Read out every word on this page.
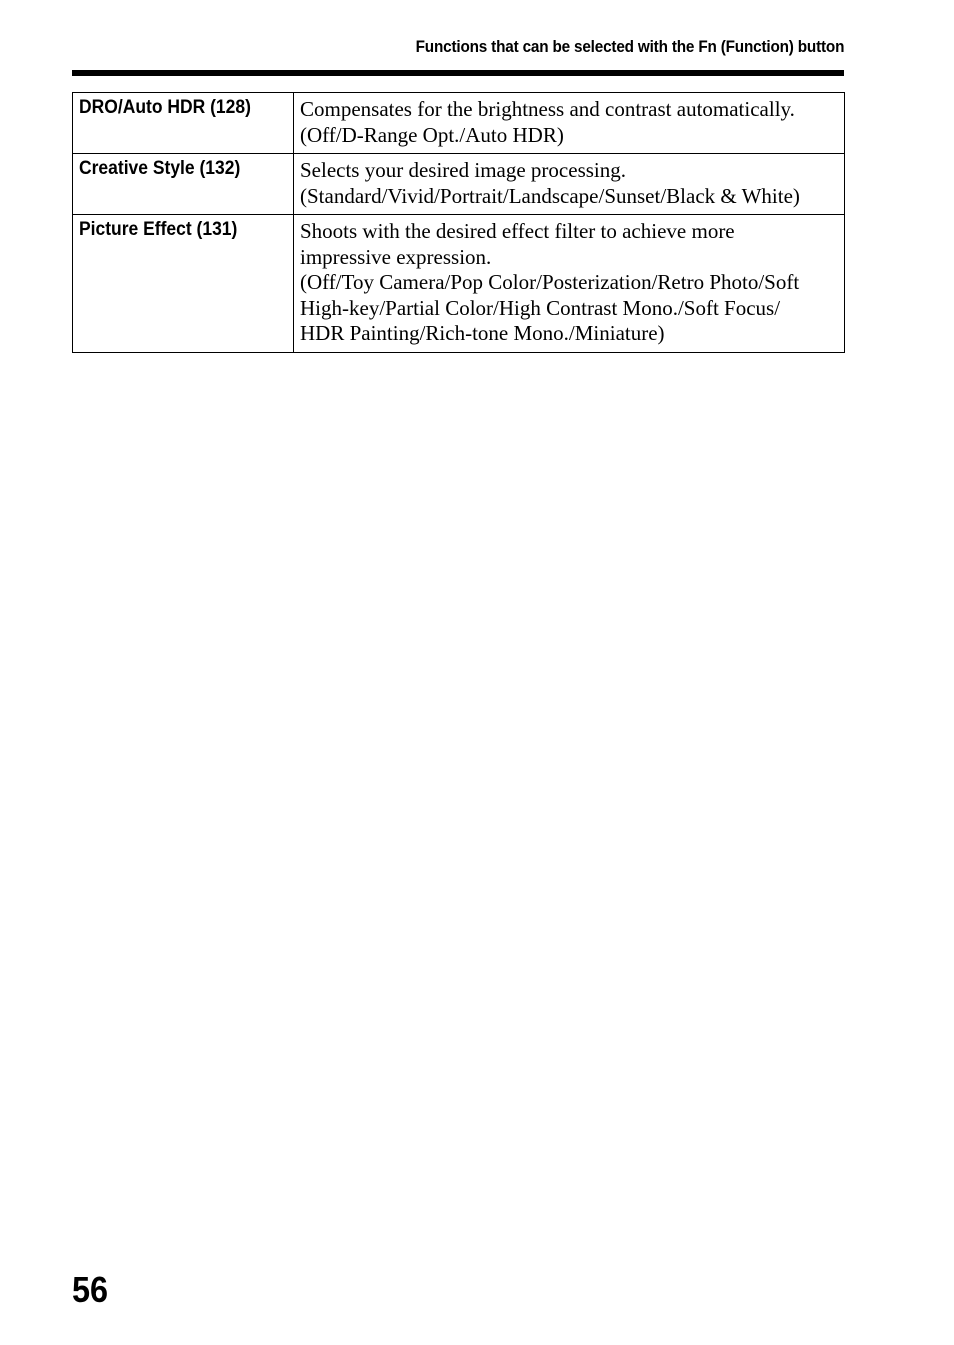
Functions that can be selected with the Fn (Function) button
DRO/Auto HDR (128)	Compensates for the brightness and contrast automatically.
(Off/D-Range Opt./Auto HDR)

Creative Style (132)	Selects your desired image processing.
(Standard/Vivid/Portrait/Landscape/Sunset/Black & White)

Picture Effect (131)	Shoots with the desired effect filter to achieve more
impressive expression.
(Off/Toy Camera/Pop Color/Posterization/Retro Photo/Soft
High-key/Partial Color/High Contrast Mono./Soft Focus/
HDR Painting/Rich-tone Mono./Miniature)
56
